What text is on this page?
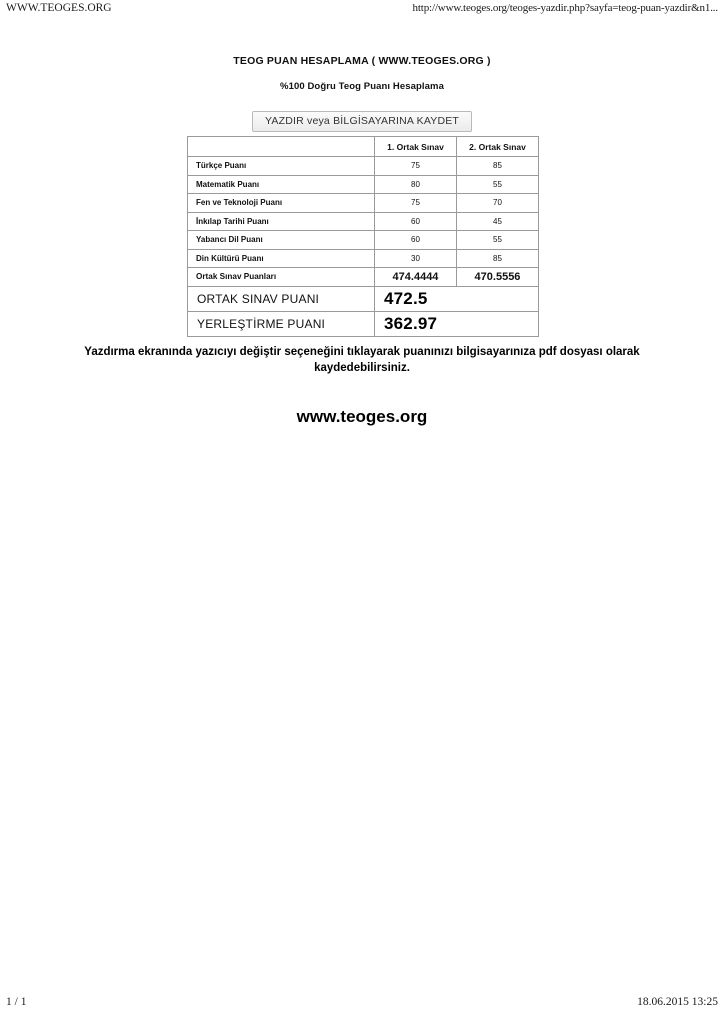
WWW.TEOGES.ORG	http://www.teoges.org/teoges-yazdir.php?sayfa=teog-puan-yazdir&n1...
TEOG PUAN HESAPLAMA ( WWW.TEOGES.ORG )
%100 Doğru Teog Puanı Hesaplama
YAZDIR veya BİLGİSAYARINA KAYDET
	1. Ortak Sınav	2. Ortak Sınav
Türkçe Puanı	75	85
Matematik Puanı	80	55
Fen ve Teknoloji Puanı	75	70
İnkılap Tarihi Puanı	60	45
Yabancı Dil Puanı	60	55
Din Kültürü Puanı	30	85
Ortak Sınav Puanları	474.4444	470.5556
ORTAK SINAV PUANI	472.5	
YERLEŞTİRME PUANI	362.97	
Yazdırma ekranında yazıcıyı değiştir seçeneğini tıklayarak puanınızı bilgisayarınıza pdf dosyası olarak kaydedebilirsiniz.
www.teoges.org
1 / 1	18.06.2015 13:25
